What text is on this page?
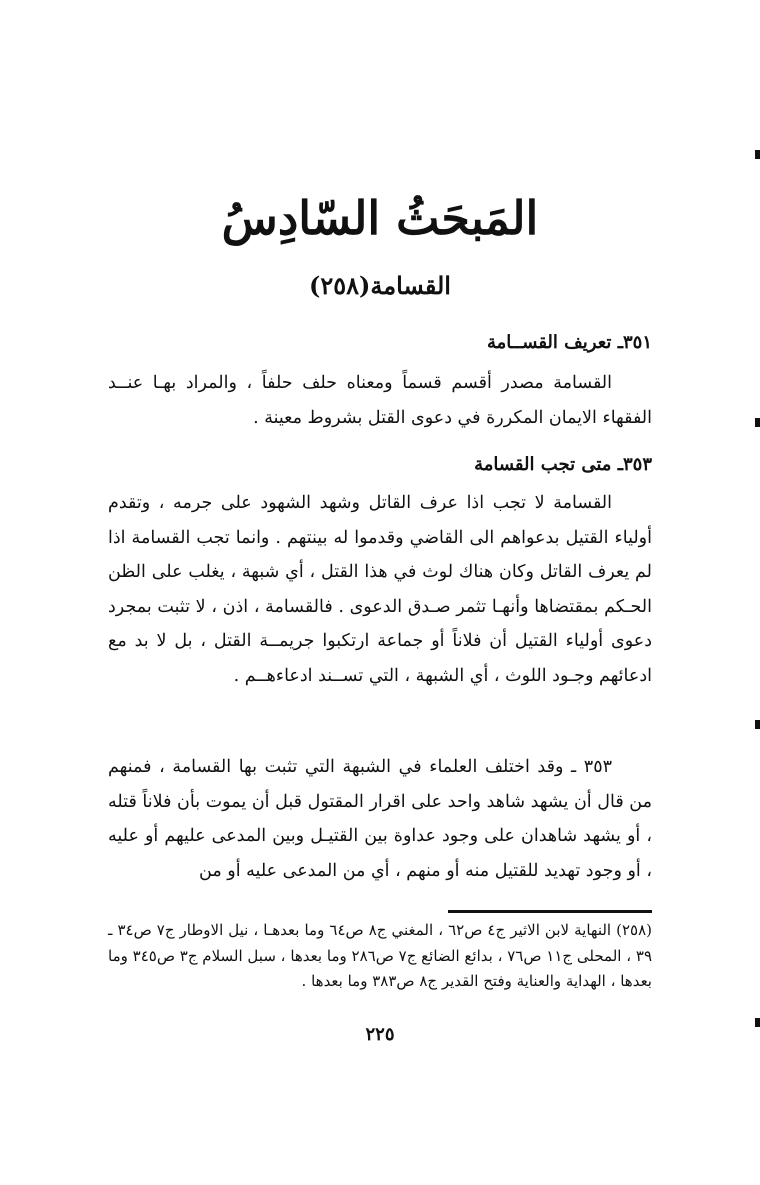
المَبحَثُ السّادِسُ
القسامة(٢٥٨)
٣٥١ـ تعريف القســامة
القسامة مصدر أقسم قسماً ومعناه حلف حلفاً ، والمراد بهـا عنــد الفقهاء الايمان المكررة في دعوى القتل بشروط معينة .
٣٥٣ـ متى تجب القسامة
القسامة لا تجب اذا عرف القاتل وشهد الشهود على جرمه ، وتقدم أولياء القتيل بدعواهم الى القاضي وقدموا له بينتهم . وانما تجب القسامة اذا لم يعرف القاتل وكان هناك لوث في هذا القتل ، أي شبهة ، يغلب على الظن الحـكم بمقتضاها وأنهـا تثمر صـدق الدعوى . فالقسامة ، اذن ، لا تثبت بمجرد دعوى أولياء القتيل أن فلاناً أو جماعة ارتكبوا جريمــة القتل ، بل لا بد مع ادعائهم وجـود اللوث ، أي الشبهة ، التي تســند ادعاءهــم .
٣٥٣ ـ وقد اختلف العلماء في الشبهة التي تثبت بها القسامة ، فمنهم من قال أن يشهد شاهد واحد على اقرار المقتول قبل أن يموت بأن فلاناً قتله ، أو يشهد شاهدان على وجود عداوة بين القتيـل وبين المدعى عليهم أو عليه ، أو وجود تهديد للقتيل منه أو منهم ، أي من المدعى عليه أو من
(٢٥٨) النهاية لابن الاثير ج٤ ص٦٢ ، المغني ج٨ ص٦٤ وما بعدهـا ، نيل الاوطار ج٧ ص٣٤ ـ ٣٩ ، المحلى ج١١ ص٧٦ ، بدائع الضائع ج٧ ص٢٨٦ وما بعدها ، سبل السلام ج٣ ص٣٤٥ وما بعدها ، الهداية والعناية وفتح القدير ج٨ ص٣٨٣ وما بعدها .
٢٢٥
